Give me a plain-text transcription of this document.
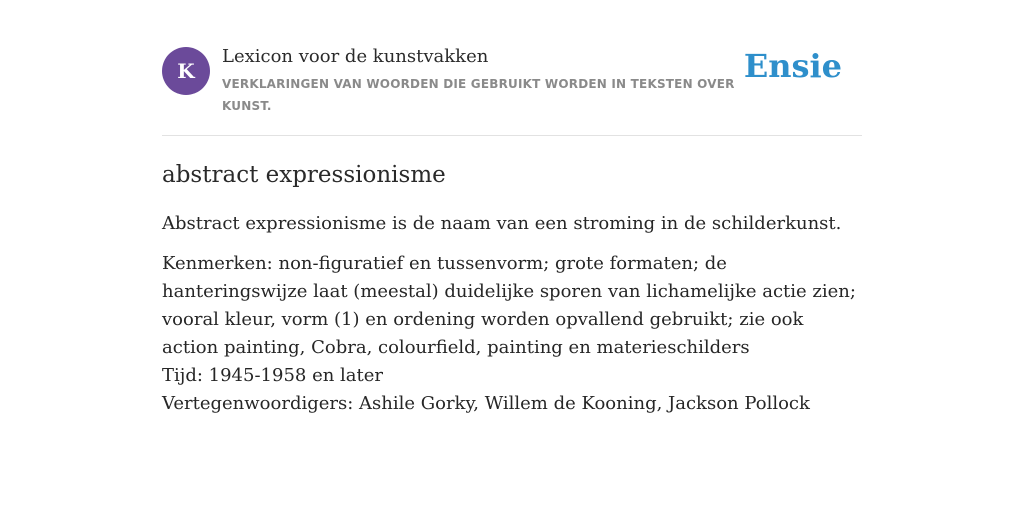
K
Lexicon voor de kunstvakken
VERKLARINGEN VAN WOORDEN DIE GEBRUIKT WORDEN IN TEKSTEN OVER KUNST.
Ensie
abstract expressionisme

Abstract expressionisme is de naam van een stroming in de schilderkunst.

Kenmerken: non-figuratief en tussenvorm; grote formaten; de hanteringswijze laat (meestal) duidelijke sporen van lichamelijke actie zien; vooral kleur, vorm (1) en ordening worden opvallend gebruikt; zie ook action painting, Cobra, colourfield, painting en materieschilders
Tijd: 1945-1958 en later
Vertegenwoordigers: Ashile Gorky, Willem de Kooning, Jackson Pollock
